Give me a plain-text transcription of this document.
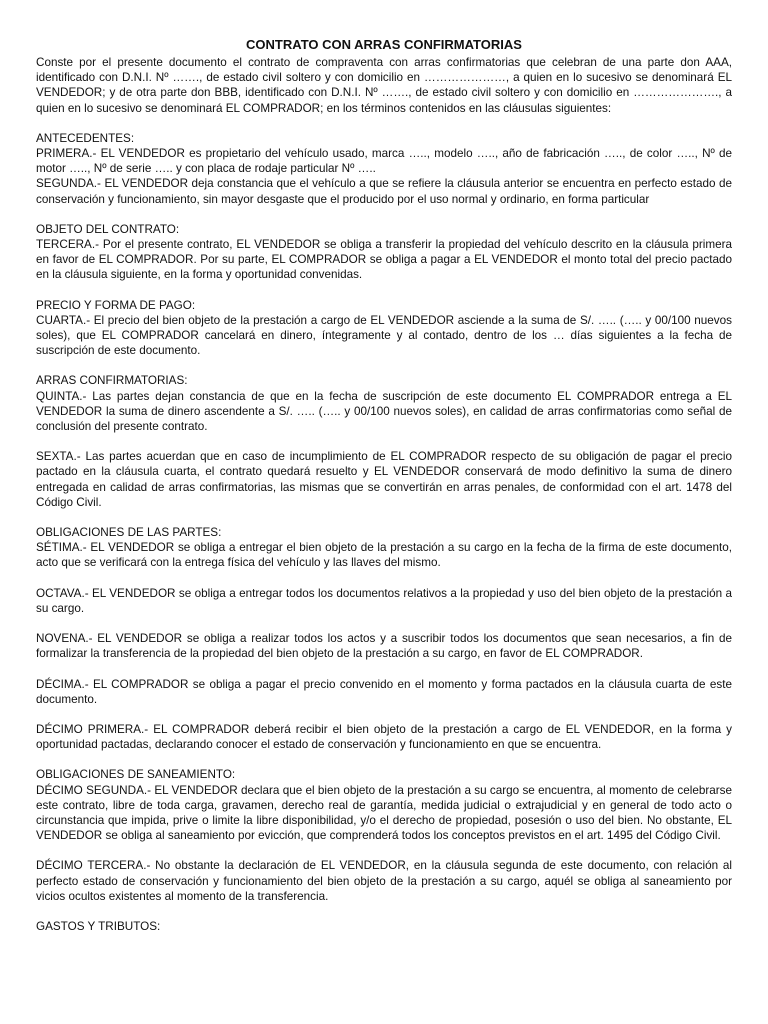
CONTRATO CON ARRAS CONFIRMATORIAS

Conste por el presente documento el contrato de compraventa con arras confirmatorias que celebran de una parte don AAA, identificado con D.N.I. Nº ……., de estado civil soltero y con domicilio en …………………, a quien en lo sucesivo se denominará EL VENDEDOR; y de otra parte don BBB, identificado con D.N.I. Nº ……., de estado civil soltero y con domicilio en …………………., a quien en lo sucesivo se denominará EL COMPRADOR; en los términos contenidos en las cláusulas siguientes:

ANTECEDENTES:

PRIMERA.- EL VENDEDOR es propietario del vehículo usado, marca ….., modelo ….., año de fabricación ….., de color ….., Nº de motor ….., Nº de serie ….. y con placa de rodaje particular Nº …..

SEGUNDA.- EL VENDEDOR deja constancia que el vehículo a que se refiere la cláusula anterior se encuentra en perfecto estado de conservación y funcionamiento, sin mayor desgaste que el producido por el uso normal y ordinario, en forma particular

OBJETO DEL CONTRATO:

TERCERA.- Por el presente contrato, EL VENDEDOR se obliga a transferir la propiedad del vehículo descrito en la cláusula primera en favor de EL COMPRADOR. Por su parte, EL COMPRADOR se obliga a pagar a EL VENDEDOR el monto total del precio pactado en la cláusula siguiente, en la forma y oportunidad convenidas.

PRECIO Y FORMA DE PAGO:

CUARTA.- El precio del bien objeto de la prestación a cargo de EL VENDEDOR asciende a la suma de S/. ….. (….. y 00/100 nuevos soles), que EL COMPRADOR cancelará en dinero, íntegramente y al contado, dentro de los … días siguientes a la fecha de suscripción de este documento.

ARRAS CONFIRMATORIAS:

QUINTA.- Las partes dejan constancia de que en la fecha de suscripción de este documento EL COMPRADOR entrega a EL VENDEDOR la suma de dinero ascendente a S/. ….. (….. y 00/100 nuevos soles), en calidad de arras confirmatorias como señal de conclusión del presente contrato.

SEXTA.- Las partes acuerdan que en caso de incumplimiento de EL COMPRADOR respecto de su obligación de pagar el precio pactado en la cláusula cuarta, el contrato quedará resuelto y EL VENDEDOR conservará de modo definitivo la suma de dinero entregada en calidad de arras confirmatorias, las mismas que se convertirán en arras penales, de conformidad con el art. 1478 del Código Civil.

OBLIGACIONES DE LAS PARTES:

SÉTIMA.- EL VENDEDOR se obliga a entregar el bien objeto de la prestación a su cargo en la fecha de la firma de este documento, acto que se verificará con la entrega física del vehículo y las llaves del mismo.

OCTAVA.- EL VENDEDOR se obliga a entregar todos los documentos relativos a la propiedad y uso del bien objeto de la prestación a su cargo.

NOVENA.- EL VENDEDOR se obliga a realizar todos los actos y a suscribir todos los documentos que sean necesarios, a fin de formalizar la transferencia de la propiedad del bien objeto de la prestación a su cargo, en favor de EL COMPRADOR.

DÉCIMA.- EL COMPRADOR se obliga a pagar el precio convenido en el momento y forma pactados en la cláusula cuarta de este documento.

DÉCIMO PRIMERA.- EL COMPRADOR deberá recibir el bien objeto de la prestación a cargo de EL VENDEDOR, en la forma y oportunidad pactadas, declarando conocer el estado de conservación y funcionamiento en que se encuentra.

OBLIGACIONES DE SANEAMIENTO:

DÉCIMO SEGUNDA.- EL VENDEDOR declara que el bien objeto de la prestación a su cargo se encuentra, al momento de celebrarse este contrato, libre de toda carga, gravamen, derecho real de garantía, medida judicial o extrajudicial y en general de todo acto o circunstancia que impida, prive o limite la libre disponibilidad, y/o el derecho de propiedad, posesión o uso del bien. No obstante, EL VENDEDOR se obliga al saneamiento por evicción, que comprenderá todos los conceptos previstos en el art. 1495 del Código Civil.

DÉCIMO TERCERA.- No obstante la declaración de EL VENDEDOR, en la cláusula segunda de este documento, con relación al perfecto estado de conservación y funcionamiento del bien objeto de la prestación a su cargo, aquél se obliga al saneamiento por vicios ocultos existentes al momento de la transferencia.

GASTOS Y TRIBUTOS:
